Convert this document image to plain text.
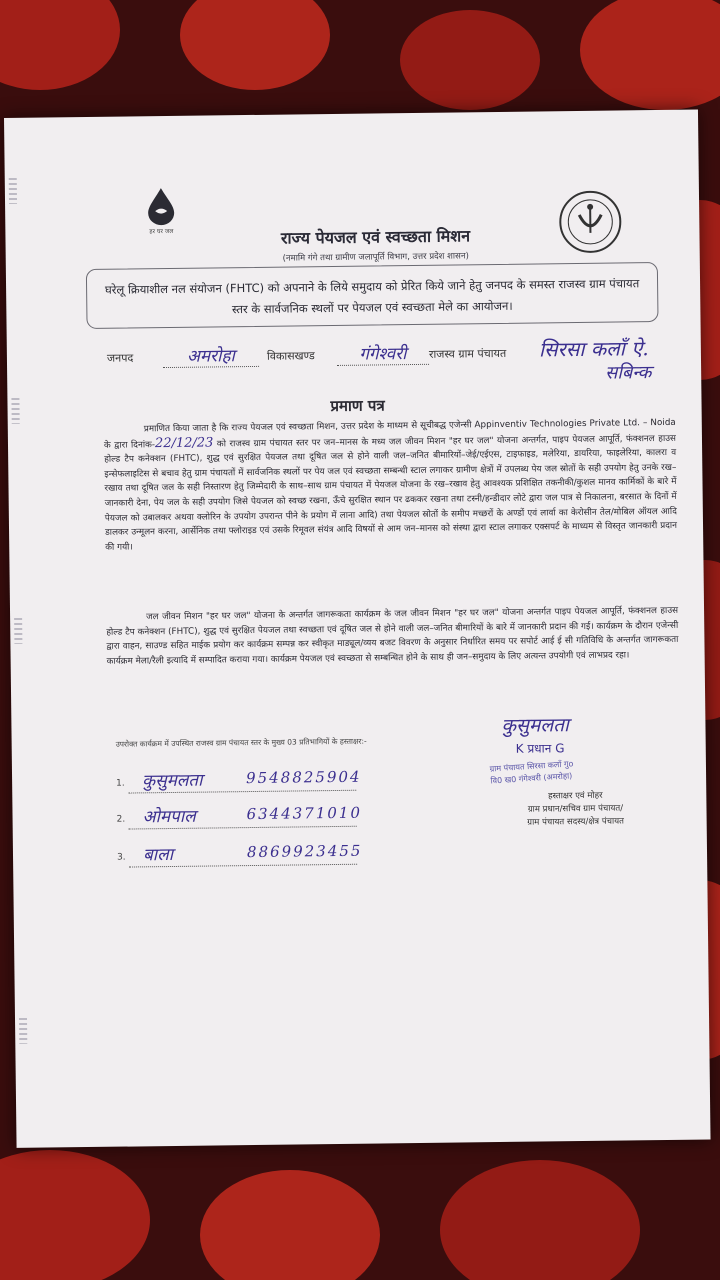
हर घर जल	राज्य पेयजल एवं स्वच्छता मिशन
(नमामि गंगे तथा ग्रामीण जलापूर्ति विभाग, उत्तर प्रदेश शासन)
घरेलू क्रियाशील नल संयोजन (FHTC) को अपनाने के लिये समुदाय को प्रेरित किये जाने हेतु जनपद के समस्त राजस्व ग्राम पंचायत स्तर के सार्वजनिक स्थलों पर पेयजल एवं स्वच्छता मेले का आयोजन।
जनपद	अमरोहा	विकासखण्ड	गंगेश्वरी	राजस्व ग्राम पंचायत सिरसा कलाँ ऐ.
सबिन्क
प्रमाण पत्र
प्रमाणित किया जाता है कि राज्य पेयजल एवं स्वच्छता मिशन, उत्तर प्रदेश के माध्यम से सूचीबद्ध एजेन्सी Appinventiv Technologies Private Ltd. – Noida के द्वारा दिनांक-22/12/23 को राजस्व ग्राम पंचायत स्तर पर जन–मानस के मध्य जल जीवन मिशन "हर घर जल" योजना अन्तर्गत, पाइप पेयजल आपूर्ति, फंक्शनल हाउस होल्ड टैप कनेक्शन (FHTC), शुद्ध एवं सुरक्षित पेयजल तथा दूषित जल से होने वाली जल–जनित बीमारियों–जेई/एईएस, टाइफाइड, मलेरिया, डायरिया, फाइलेरिया, कालरा व इन्सेफलाइटिस से बचाव हेतु ग्राम पंचायतों में सार्वजनिक स्थलों पर पेय जल एवं स्वच्छता सम्बन्धी स्टाल लगाकर ग्रामीण क्षेत्रों में उपलब्ध पेय जल स्रोतों के सही उपयोग हेतु उनके रख–रखाव तथा दूषित जल के सही निस्तारण हेतु जिम्मेदारी के साथ–साथ ग्राम पंचायत में पेयजल योजना के रख–रखाव हेतु आवश्यक प्रशिक्षित तकनीकी/कुशल मानव कार्मिकों के बारे में जानकारी देना, पेय जल के सही उपयोग जिसे पेयजल को स्वच्छ रखना, ऊँचे सुरक्षित स्थान पर ढककर रखना तथा टस्नी/हन्डीदार लोटे द्वारा जल पात्र से निकालना, बरसात के दिनों में पेयजल को उबालकर अथवा क्लोरिन के उपयोग उपरान्त पीने के प्रयोग में लाना आदि) तथा पेयजल स्रोतों के समीप मच्छरों के अण्डों एवं लार्वा का केरोसीन तेल/मोबिल ऑयल आदि डालकर उन्मूलन करना, आर्सेनिक तथा फ्लोराइड एवं उसके रिमूवल संयंत्र आदि विषयों से आम जन–मानस को संस्था द्वारा स्टाल लगाकर एक्सपर्ट के माध्यम से विस्तृत जानकारी प्रदान की गयी।
जल जीवन मिशन "हर घर जल" योजना के अन्तर्गत जागरूकता कार्यक्रम के जल जीवन मिशन "हर घर जल" योजना अन्तर्गत पाइप पेयजल आपूर्ति, फंक्शनल हाउस होल्ड टैप कनेक्शन (FHTC), शुद्ध एवं सुरक्षित पेयजल तथा स्वच्छता एवं दूषित जल से होने वाली जल–जनित बीमारियों के बारे में जानकारी प्रदान की गई। कार्यक्रम के दौरान एजेन्सी द्वारा वाहन, साउण्ड सहित माईक प्रयोग कर कार्यक्रम सम्पन्न कर स्वीकृत माड्यूल/व्यय बजट विवरण के अनुसार निर्धारित समय पर सपोर्ट आई ई सी गतिविधि के अन्तर्गत जागरूकता कार्यक्रम मेला/रैली इत्यादि में सम्पादित कराया गया। कार्यक्रम पेयजल एवं स्वच्छता से सम्बन्धित होने के साथ ही जन–समुदाय के लिए अत्यन्त उपयोगी एवं लाभप्रद रहा।
उपरोक्त कार्यक्रम में उपस्थित राजस्व ग्राम पंचायत स्तर के मुख्य 03 प्रतिभागियों के हस्ताक्षर:-
1. कुसुमलता	9548825904
2. ओमपाल	6344371010
3. बाला	8869923455
कुसुमलता
K प्रधान G
ग्राम पंचायत सिरसा कलाँ गुo
वि0 ख0 गंगेश्वरी (अमरोहा)
हस्ताक्षर एवं मोहर
ग्राम प्रधान/सचिव ग्राम पंचायत/
ग्राम पंचायत सदस्य/क्षेत्र पंचायत
